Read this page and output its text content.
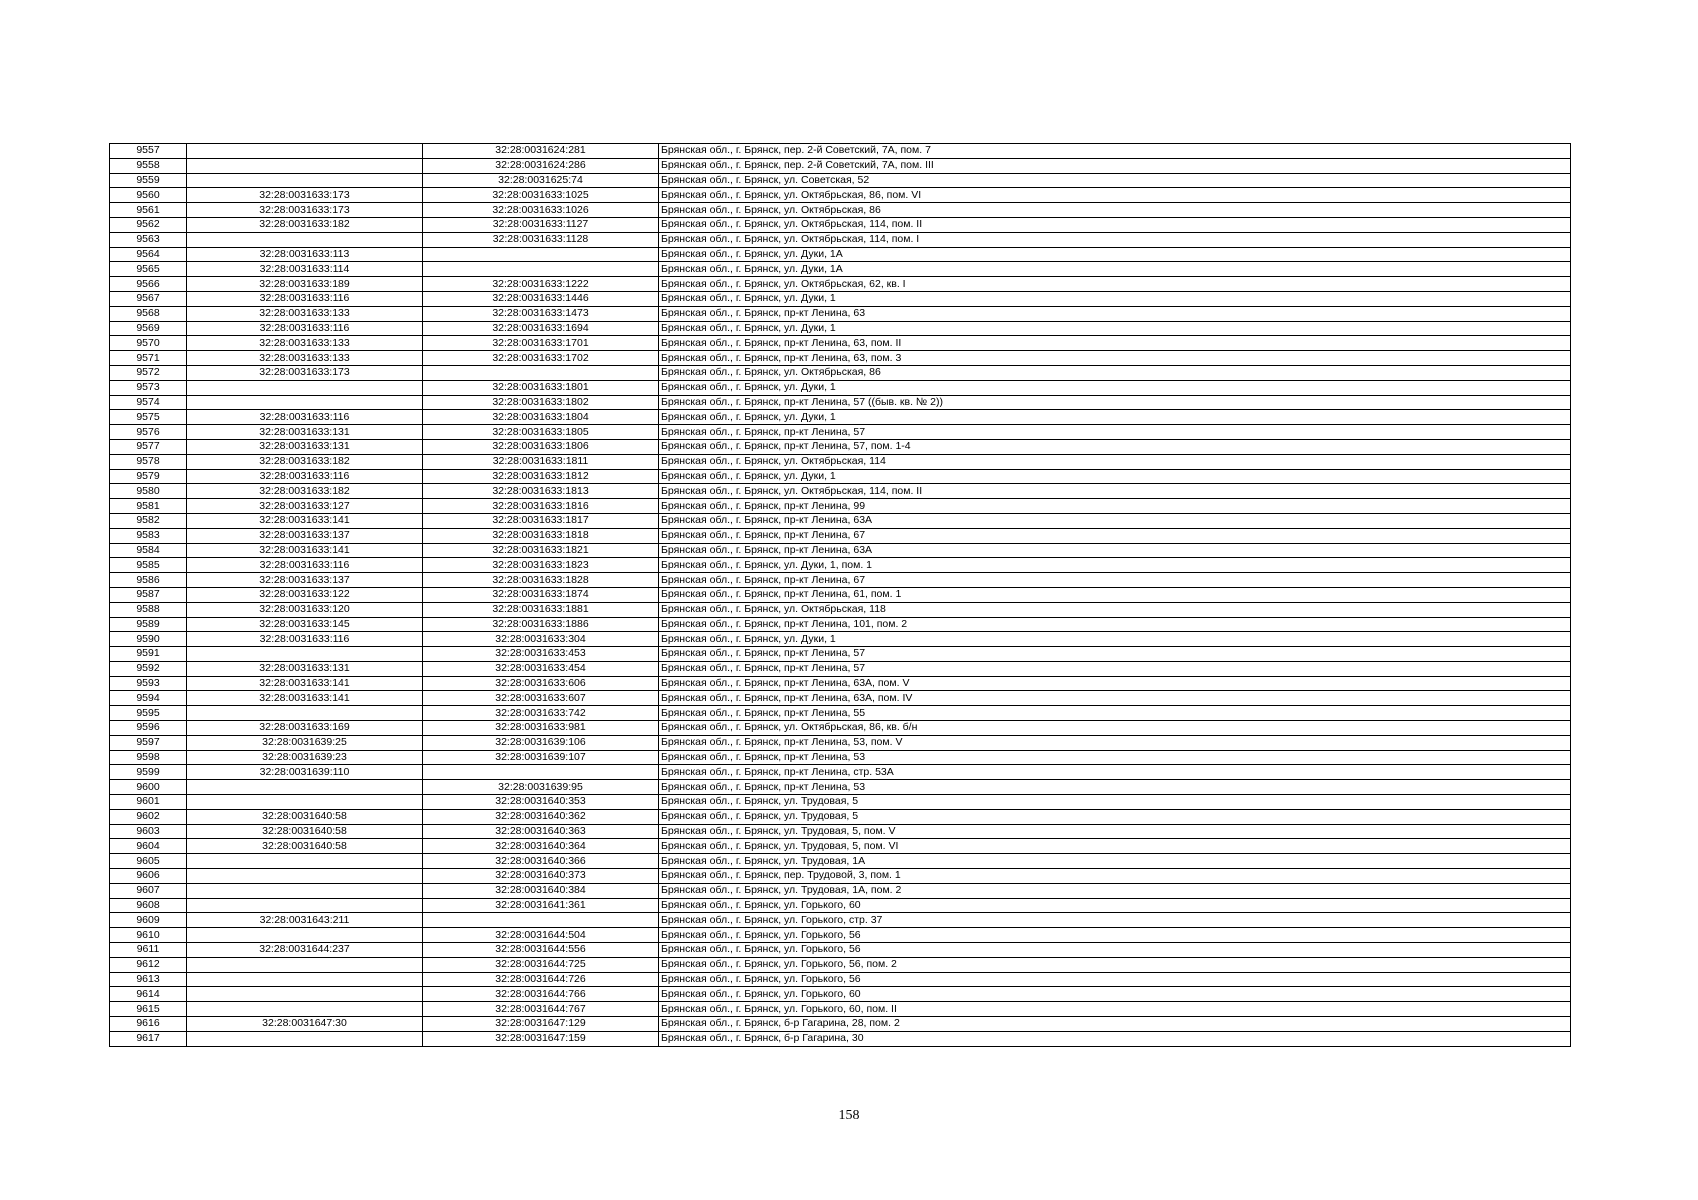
9557		32:28:0031624:281	Брянская обл., г. Брянск, пер. 2-й Советский, 7А, пом. 7
9558		32:28:0031624:286	Брянская обл., г. Брянск, пер. 2-й Советский, 7А, пом. III
9559		32:28:0031625:74	Брянская обл., г. Брянск, ул. Советская, 52
9560	32:28:0031633:173	32:28:0031633:1025	Брянская обл., г. Брянск, ул. Октябрьская, 86, пом. VI
9561	32:28:0031633:173	32:28:0031633:1026	Брянская обл., г. Брянск, ул. Октябрьская, 86
9562	32:28:0031633:182	32:28:0031633:1127	Брянская обл., г. Брянск, ул. Октябрьская, 114, пом. II
9563		32:28:0031633:1128	Брянская обл., г. Брянск, ул. Октябрьская, 114, пом. I
9564	32:28:0031633:113		Брянская обл., г. Брянск, ул. Дуки, 1А
9565	32:28:0031633:114		Брянская обл., г. Брянск, ул. Дуки, 1А
9566	32:28:0031633:189	32:28:0031633:1222	Брянская обл., г. Брянск, ул. Октябрьская, 62, кв. I
9567	32:28:0031633:116	32:28:0031633:1446	Брянская обл., г. Брянск, ул. Дуки, 1
9568	32:28:0031633:133	32:28:0031633:1473	Брянская обл., г. Брянск, пр-кт Ленина, 63
9569	32:28:0031633:116	32:28:0031633:1694	Брянская обл., г. Брянск, ул. Дуки, 1
9570	32:28:0031633:133	32:28:0031633:1701	Брянская обл., г. Брянск, пр-кт Ленина, 63, пом. II
9571	32:28:0031633:133	32:28:0031633:1702	Брянская обл., г. Брянск, пр-кт Ленина, 63, пом. 3
9572	32:28:0031633:173		Брянская обл., г. Брянск, ул. Октябрьская, 86
9573		32:28:0031633:1801	Брянская обл., г. Брянск, ул. Дуки, 1
9574		32:28:0031633:1802	Брянская обл., г. Брянск, пр-кт Ленина, 57 ((быв. кв. № 2))
9575	32:28:0031633:116	32:28:0031633:1804	Брянская обл., г. Брянск, ул. Дуки, 1
9576	32:28:0031633:131	32:28:0031633:1805	Брянская обл., г. Брянск, пр-кт Ленина, 57
9577	32:28:0031633:131	32:28:0031633:1806	Брянская обл., г. Брянск, пр-кт Ленина, 57, пом. 1-4
9578	32:28:0031633:182	32:28:0031633:1811	Брянская обл., г. Брянск, ул. Октябрьская, 114
9579	32:28:0031633:116	32:28:0031633:1812	Брянская обл., г. Брянск, ул. Дуки, 1
9580	32:28:0031633:182	32:28:0031633:1813	Брянская обл., г. Брянск, ул. Октябрьская, 114, пом. II
9581	32:28:0031633:127	32:28:0031633:1816	Брянская обл., г. Брянск, пр-кт Ленина, 99
9582	32:28:0031633:141	32:28:0031633:1817	Брянская обл., г. Брянск, пр-кт Ленина, 63А
9583	32:28:0031633:137	32:28:0031633:1818	Брянская обл., г. Брянск, пр-кт Ленина, 67
9584	32:28:0031633:141	32:28:0031633:1821	Брянская обл., г. Брянск, пр-кт Ленина, 63А
9585	32:28:0031633:116	32:28:0031633:1823	Брянская обл., г. Брянск, ул. Дуки, 1, пом. 1
9586	32:28:0031633:137	32:28:0031633:1828	Брянская обл., г. Брянск, пр-кт Ленина, 67
9587	32:28:0031633:122	32:28:0031633:1874	Брянская обл., г. Брянск, пр-кт Ленина, 61, пом. 1
9588	32:28:0031633:120	32:28:0031633:1881	Брянская обл., г. Брянск, ул. Октябрьская, 118
9589	32:28:0031633:145	32:28:0031633:1886	Брянская обл., г. Брянск, пр-кт Ленина, 101, пом. 2
9590	32:28:0031633:116	32:28:0031633:304	Брянская обл., г. Брянск, ул. Дуки, 1
9591		32:28:0031633:453	Брянская обл., г. Брянск, пр-кт Ленина, 57
9592	32:28:0031633:131	32:28:0031633:454	Брянская обл., г. Брянск, пр-кт Ленина, 57
9593	32:28:0031633:141	32:28:0031633:606	Брянская обл., г. Брянск, пр-кт Ленина, 63А, пом. V
9594	32:28:0031633:141	32:28:0031633:607	Брянская обл., г. Брянск, пр-кт Ленина, 63А, пом. IV
9595		32:28:0031633:742	Брянская обл., г. Брянск, пр-кт Ленина, 55
9596	32:28:0031633:169	32:28:0031633:981	Брянская обл., г. Брянск, ул. Октябрьская, 86, кв. б/н
9597	32:28:0031639:25	32:28:0031639:106	Брянская обл., г. Брянск, пр-кт Ленина, 53, пом. V
9598	32:28:0031639:23	32:28:0031639:107	Брянская обл., г. Брянск, пр-кт Ленина, 53
9599	32:28:0031639:110		Брянская обл., г. Брянск, пр-кт Ленина, стр. 53А
9600		32:28:0031639:95	Брянская обл., г. Брянск, пр-кт Ленина, 53
9601		32:28:0031640:353	Брянская обл., г. Брянск, ул. Трудовая, 5
9602	32:28:0031640:58	32:28:0031640:362	Брянская обл., г. Брянск, ул. Трудовая, 5
9603	32:28:0031640:58	32:28:0031640:363	Брянская обл., г. Брянск, ул. Трудовая, 5, пом. V
9604	32:28:0031640:58	32:28:0031640:364	Брянская обл., г. Брянск, ул. Трудовая, 5, пом. VI
9605		32:28:0031640:366	Брянская обл., г. Брянск, ул. Трудовая, 1А
9606		32:28:0031640:373	Брянская обл., г. Брянск, пер. Трудовой, 3, пом. 1
9607		32:28:0031640:384	Брянская обл., г. Брянск, ул. Трудовая, 1А, пом. 2
9608		32:28:0031641:361	Брянская обл., г. Брянск, ул. Горького, 60
9609	32:28:0031643:211		Брянская обл., г. Брянск, ул. Горького, стр. 37
9610		32:28:0031644:504	Брянская обл., г. Брянск, ул. Горького, 56
9611	32:28:0031644:237	32:28:0031644:556	Брянская обл., г. Брянск, ул. Горького, 56
9612		32:28:0031644:725	Брянская обл., г. Брянск, ул. Горького, 56, пом. 2
9613		32:28:0031644:726	Брянская обл., г. Брянск, ул. Горького, 56
9614		32:28:0031644:766	Брянская обл., г. Брянск, ул. Горького, 60
9615		32:28:0031644:767	Брянская обл., г. Брянск, ул. Горького, 60, пом. II
9616	32:28:0031647:30	32:28:0031647:129	Брянская обл., г. Брянск, б-р Гагарина, 28, пом. 2
9617		32:28:0031647:159	Брянская обл., г. Брянск, б-р Гагарина, 30
158
